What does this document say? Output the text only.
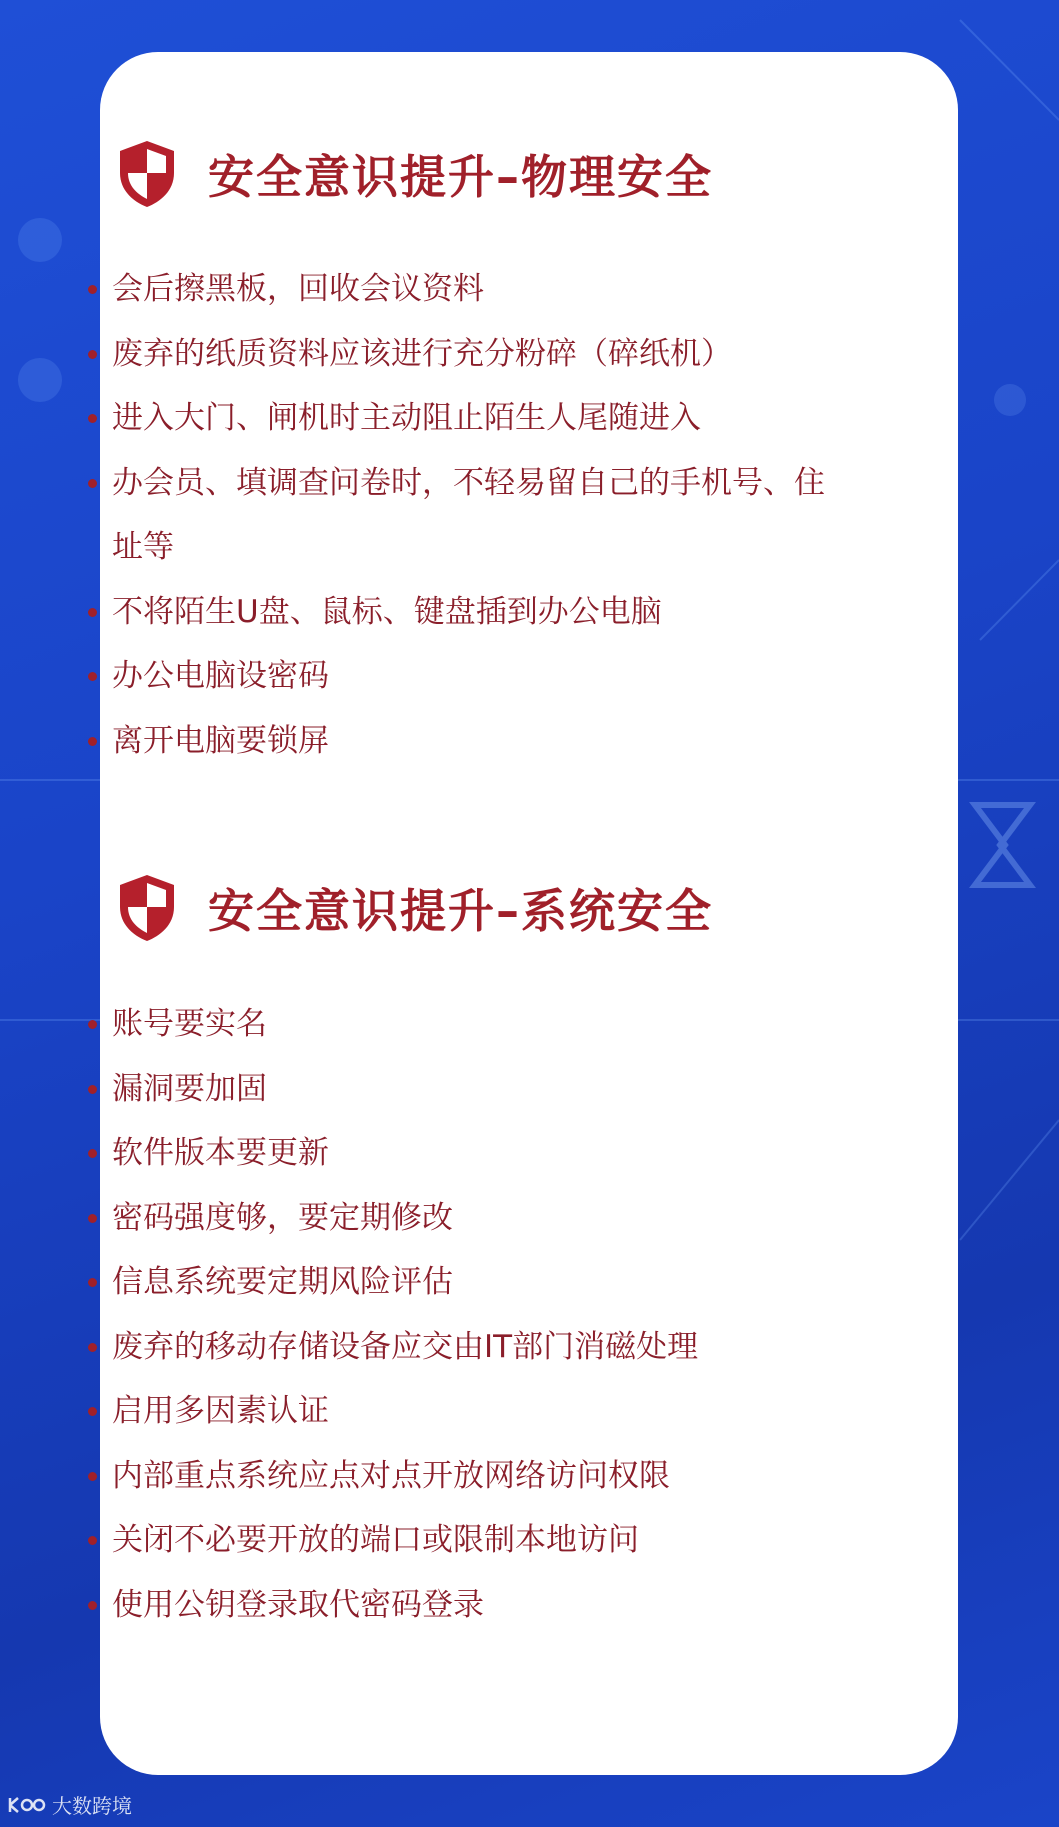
安全意识提升–物理安全
会后擦黑板，回收会议资料
废弃的纸质资料应该进行充分粉碎（碎纸机）
进入大门、闸机时主动阻止陌生人尾随进入
办会员、填调查问卷时，不轻易留自己的手机号、住址等
不将陌生U盘、鼠标、键盘插到办公电脑
办公电脑设密码
离开电脑要锁屏
安全意识提升–系统安全
账号要实名
漏洞要加固
软件版本要更新
密码强度够，要定期修改
信息系统要定期风险评估
废弃的移动存储设备应交由IT部门消磁处理
启用多因素认证
内部重点系统应点对点开放网络访问权限
关闭不必要开放的端口或限制本地访问
使用公钥登录取代密码登录
大数跨境
